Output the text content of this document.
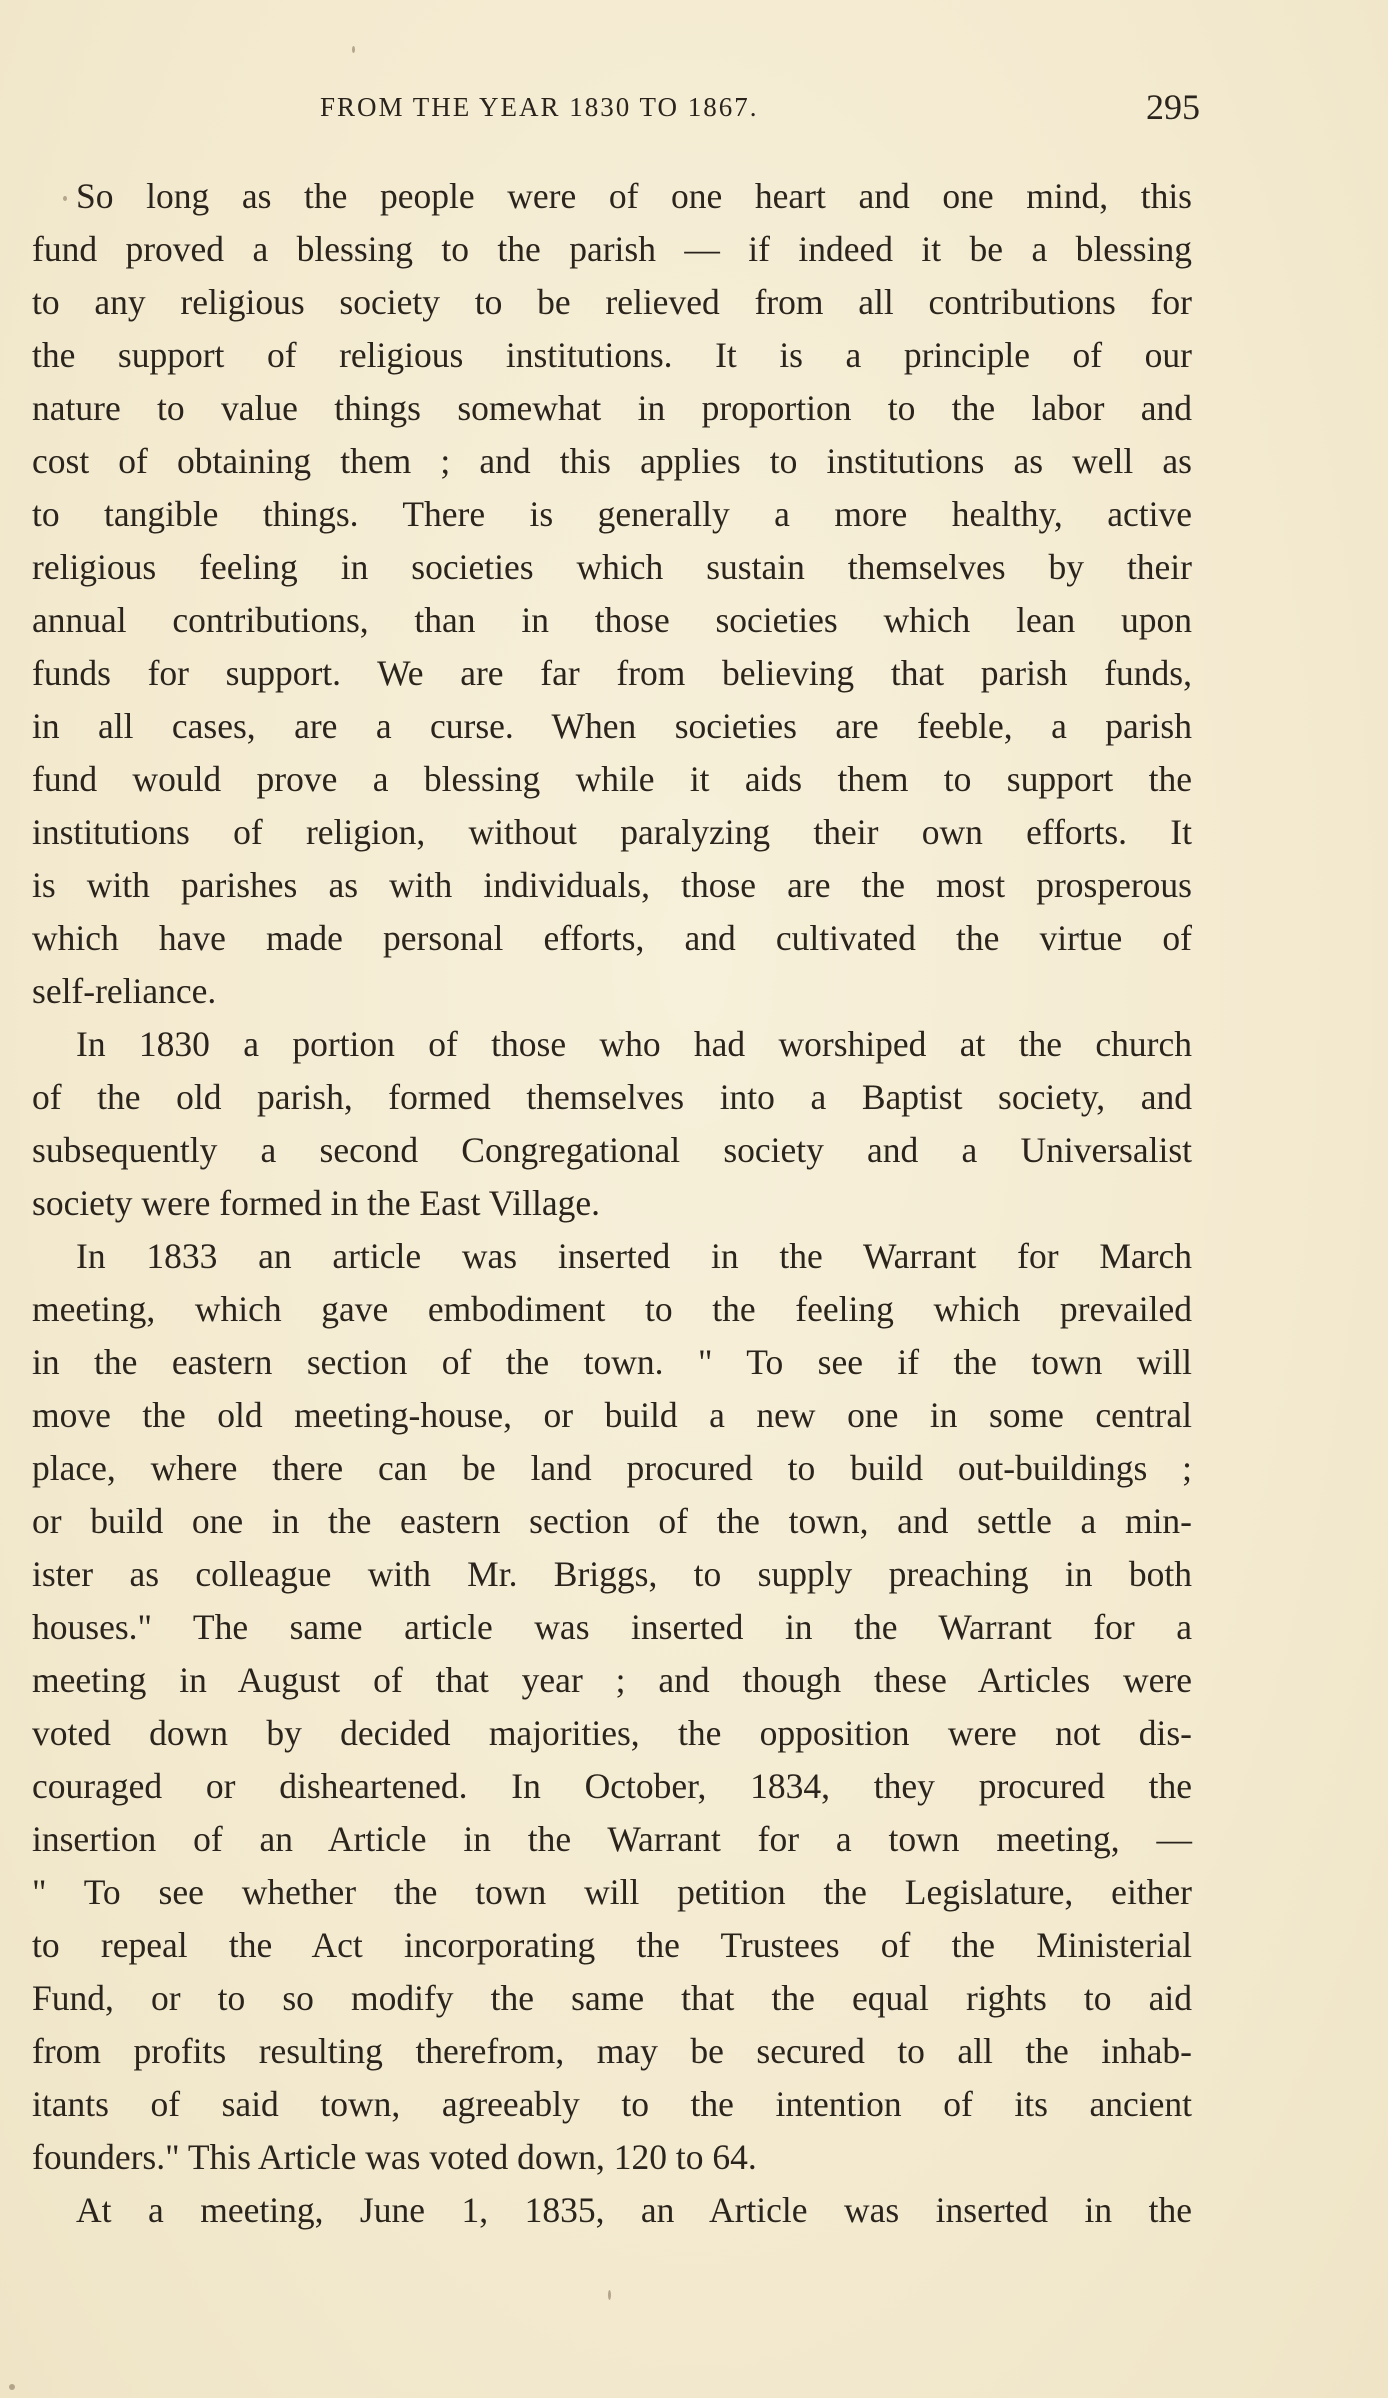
FROM THE YEAR 1830 TO 1867.	295
So long as the people were of one heart and one mind, this
fund proved a blessing to the parish — if indeed it be a blessing
to any religious society to be relieved from all contributions for
the support of religious institutions. It is a principle of our
nature to value things somewhat in proportion to the labor and
cost of obtaining them ; and this applies to institutions as well as
to tangible things. There is generally a more healthy, active
religious feeling in societies which sustain themselves by their
annual contributions, than in those societies which lean upon
funds for support. We are far from believing that parish funds,
in all cases, are a curse. When societies are feeble, a parish
fund would prove a blessing while it aids them to support the
institutions of religion, without paralyzing their own efforts. It
is with parishes as with individuals, those are the most prosperous
which have made personal efforts, and cultivated the virtue of
self-reliance.
In 1830 a portion of those who had worshiped at the church
of the old parish, formed themselves into a Baptist society, and
subsequently a second Congregational society and a Universalist
society were formed in the East Village.
In 1833 an article was inserted in the Warrant for March
meeting, which gave embodiment to the feeling which prevailed
in the eastern section of the town. " To see if the town will
move the old meeting-house, or build a new one in some central
place, where there can be land procured to build out-buildings ;
or build one in the eastern section of the town, and settle a min-
ister as colleague with Mr. Briggs, to supply preaching in both
houses." The same article was inserted in the Warrant for a
meeting in August of that year ; and though these Articles were
voted down by decided majorities, the opposition were not dis-
couraged or disheartened. In October, 1834, they procured the
insertion of an Article in the Warrant for a town meeting, —
" To see whether the town will petition the Legislature, either
to repeal the Act incorporating the Trustees of the Ministerial
Fund, or to so modify the same that the equal rights to aid
from profits resulting therefrom, may be secured to all the inhab-
itants of said town, agreeably to the intention of its ancient
founders." This Article was voted down, 120 to 64.
At a meeting, June 1, 1835, an Article was inserted in the
